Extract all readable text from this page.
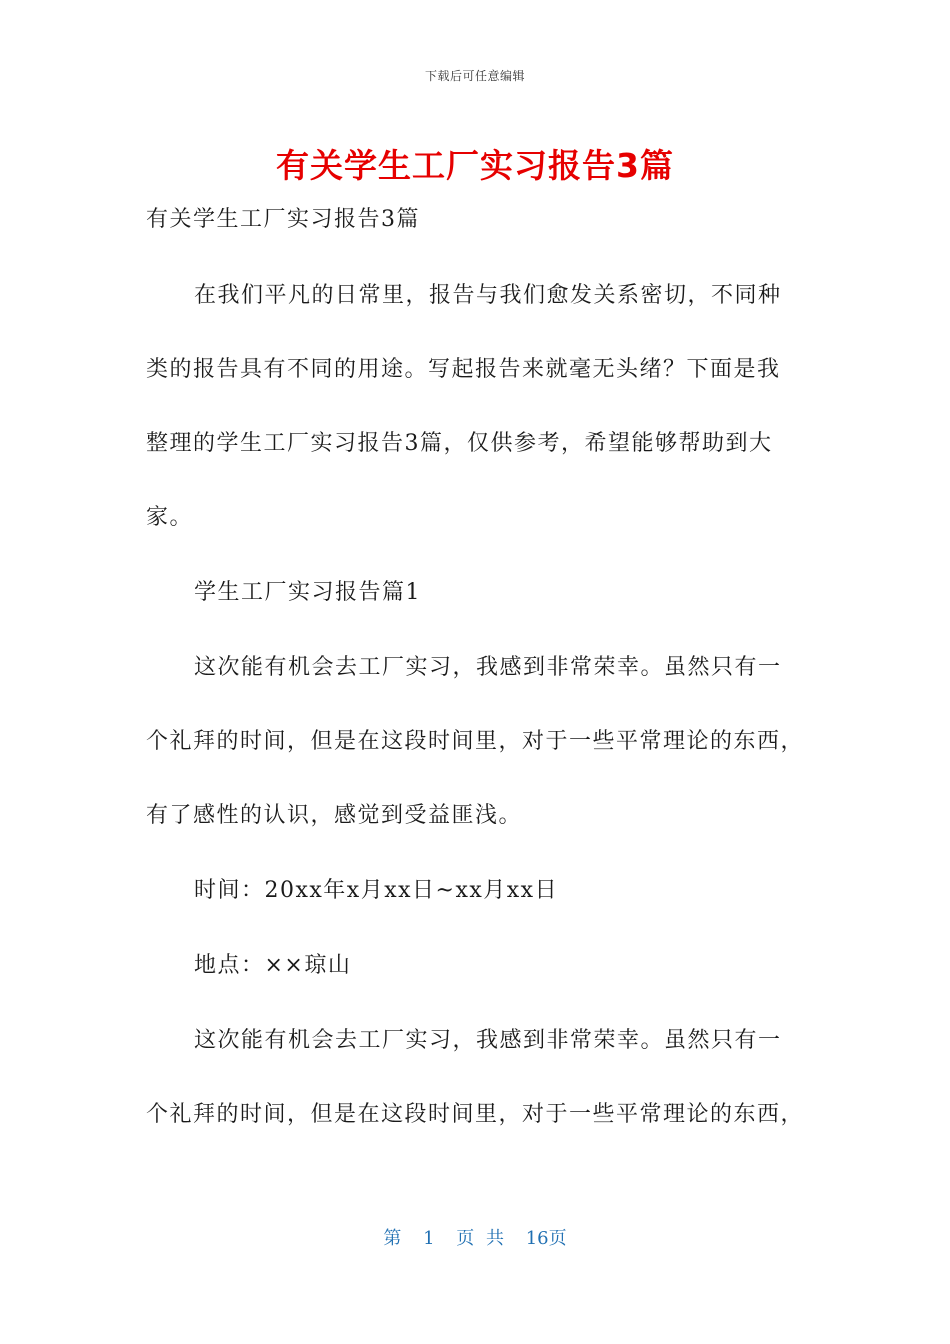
下载后可任意编辑
有关学生工厂实习报告3篇
有关学生工厂实习报告3篇
在我们平凡的日常里，报告与我们愈发关系密切，不同种
类的报告具有不同的用途。写起报告来就毫无头绪？下面是我
整理的学生工厂实习报告3篇，仅供参考，希望能够帮助到大
家。
学生工厂实习报告篇1
这次能有机会去工厂实习，我感到非常荣幸。虽然只有一
个礼拜的时间，但是在这段时间里，对于一些平常理论的东西，
有了感性的认识，感觉到受益匪浅。
时间：20xx年x月xx日~xx月xx日
地点：××琼山
这次能有机会去工厂实习，我感到非常荣幸。虽然只有一
个礼拜的时间，但是在这段时间里，对于一些平常理论的东西，
第 1 页 共 16页
